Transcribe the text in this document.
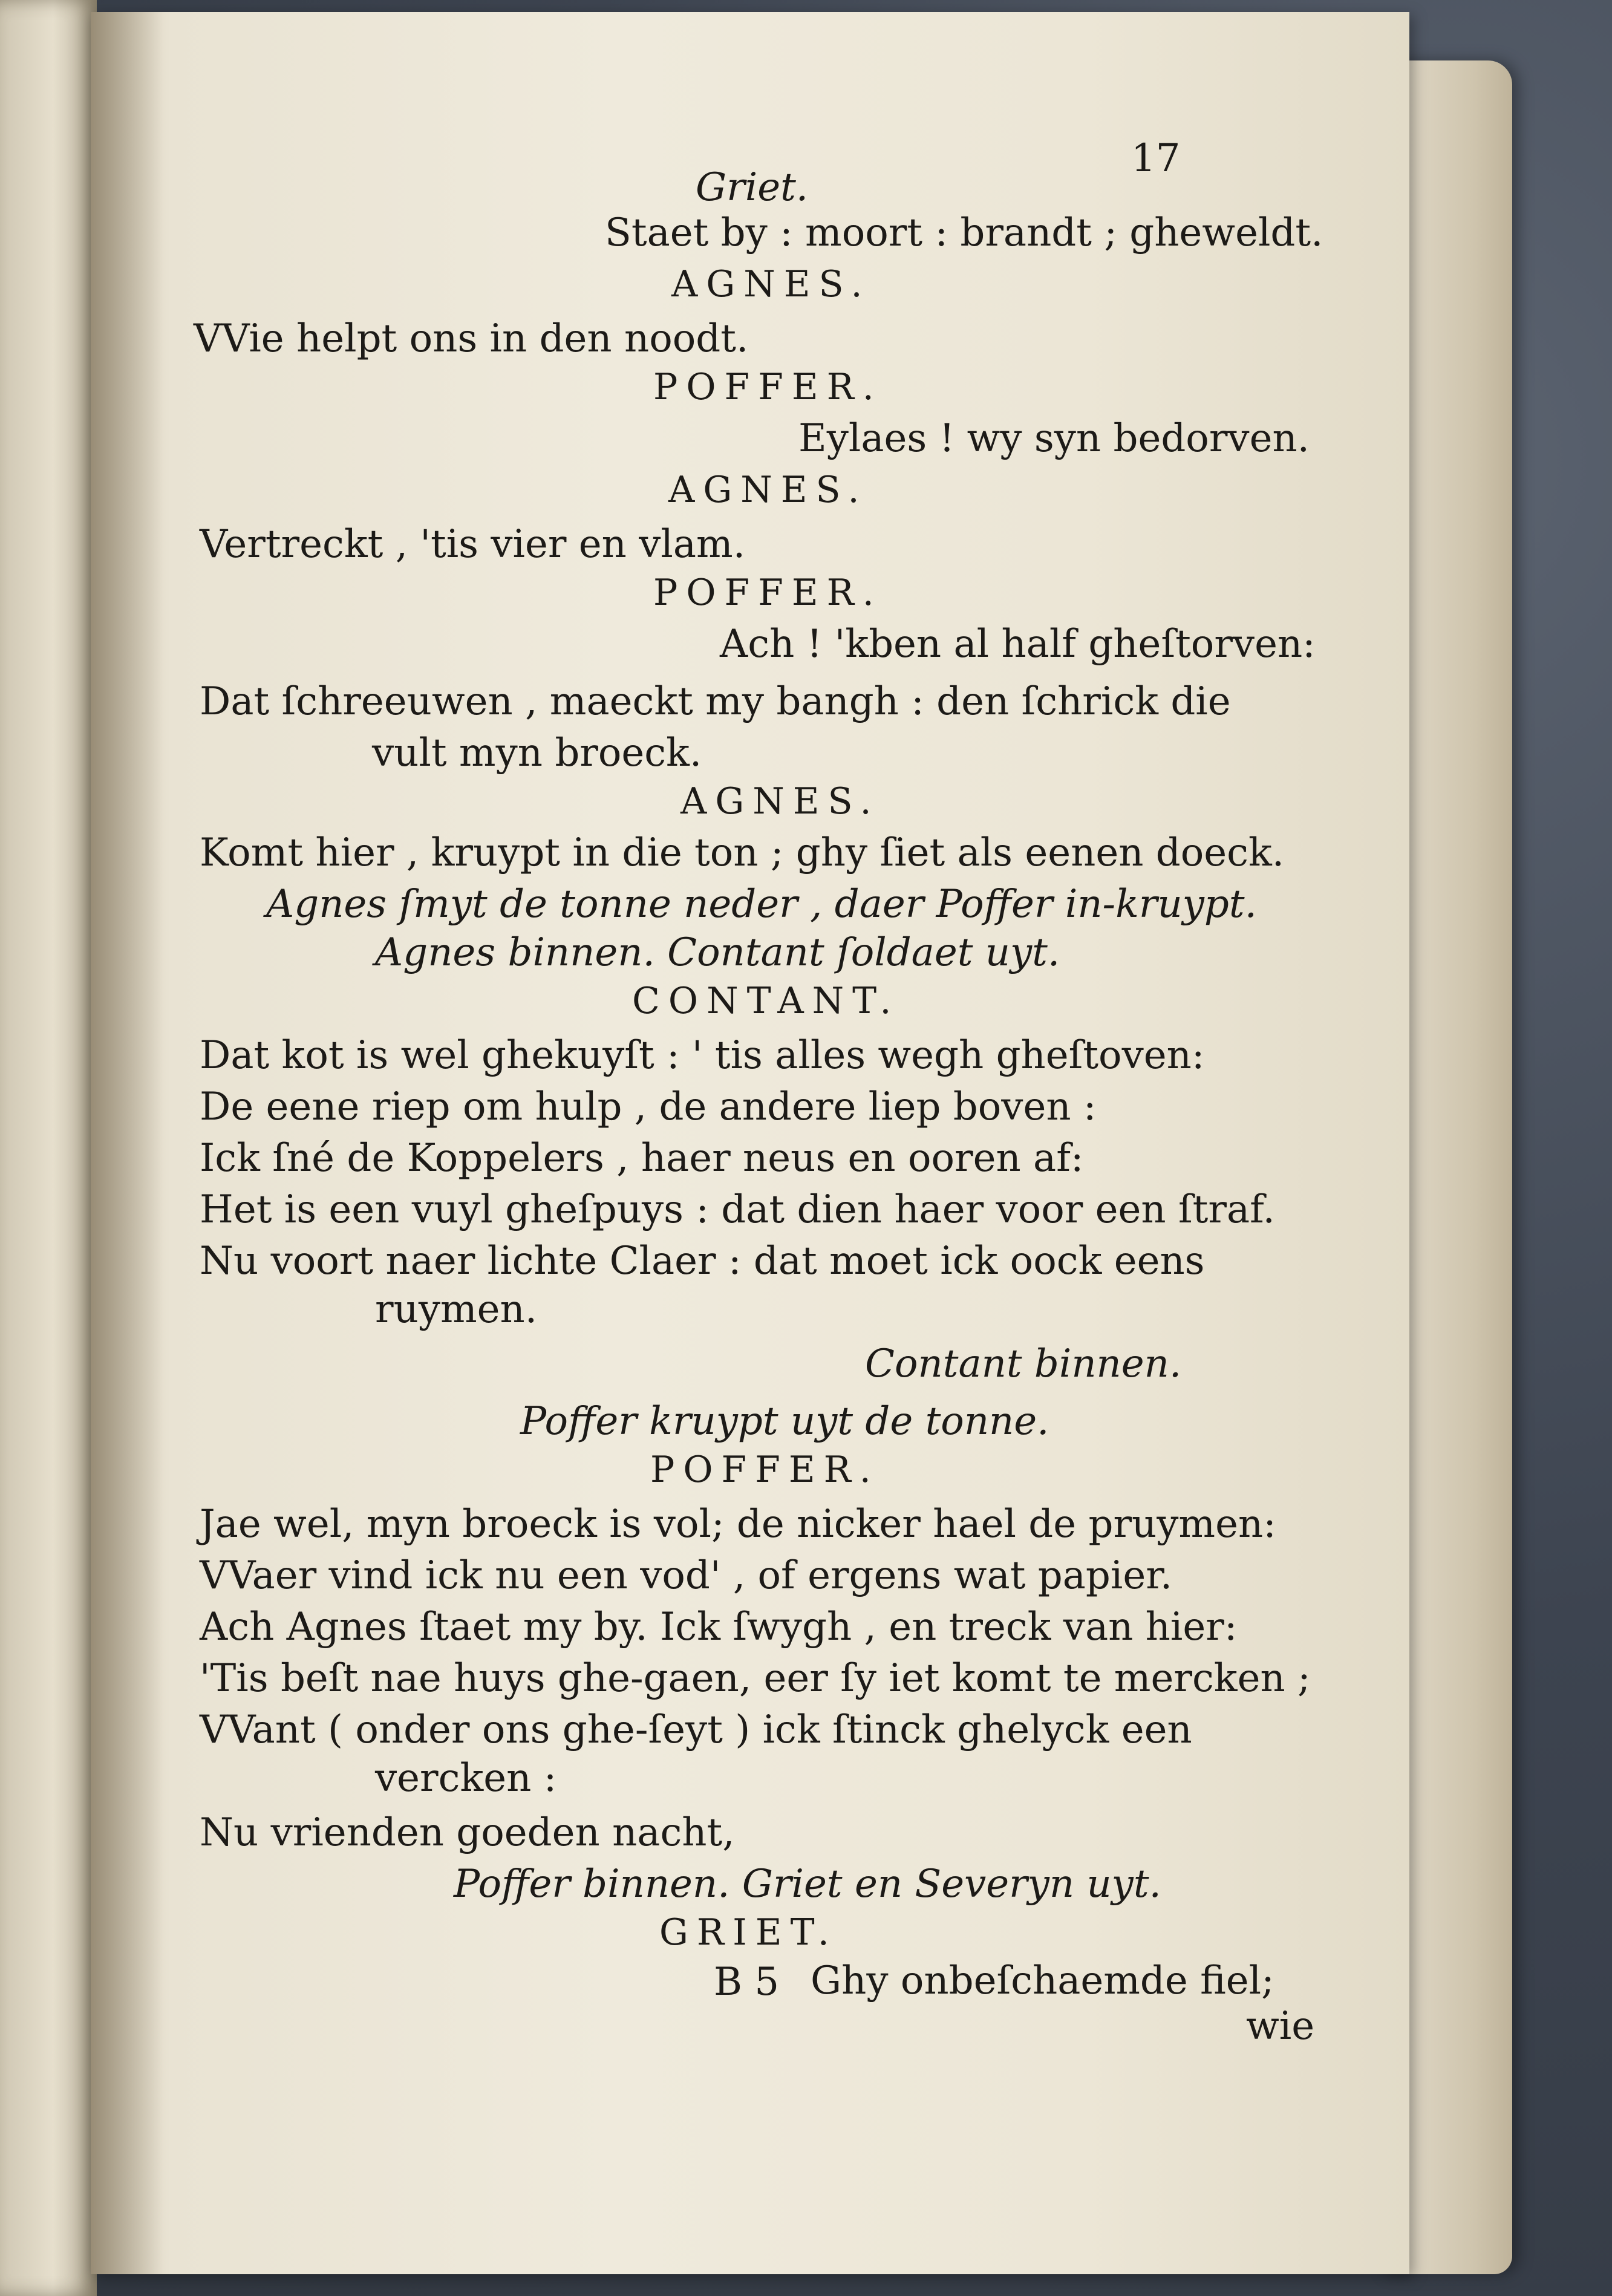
17
Griet.
Staet by : moort : brandt ; gheweldt.
AGNES.
VVie helpt ons in den noodt.
POFFER.
Eylaes ! wy syn bedorven.
AGNES.
Vertreckt , 'tis vier en vlam.
POFFER.
Ach ! 'kben al half gheſtorven:
Dat ſchreeuwen , maeckt my bangh : den ſchrick die
vult myn broeck.
AGNES.
Komt hier , kruypt in die ton ; ghy ſiet als eenen doeck.
Agnes ſmyt de tonne neder , daer Poffer in-kruypt.
Agnes binnen. Contant ſoldaet uyt.
CONTANT.
Dat kot is wel ghekuyſt : ' tis alles wegh gheſtoven:
De eene riep om hulp , de andere liep boven :
Ick ſné de Koppelers , haer neus en ooren af:
Het is een vuyl gheſpuys : dat dien haer voor een ſtraf.
Nu voort naer lichte Claer : dat moet ick oock eens
ruymen.
Contant binnen.
Poffer kruypt uyt de tonne.
POFFER.
Jae wel, myn broeck is vol; de nicker hael de pruymen:
VVaer vind ick nu een vod' , of ergens wat papier.
Ach Agnes ſtaet my by. Ick ſwygh , en treck van hier:
'Tis beſt nae huys ghe-gaen, eer ſy iet komt te mercken ;
VVant ( onder ons ghe-ſeyt ) ick ſtinck ghelyck een
vercken :
Nu vrienden goeden nacht,
Poffer binnen. Griet en Severyn uyt.
GRIET.
Ghy onbeſchaemde fiel;
wie
B 5
